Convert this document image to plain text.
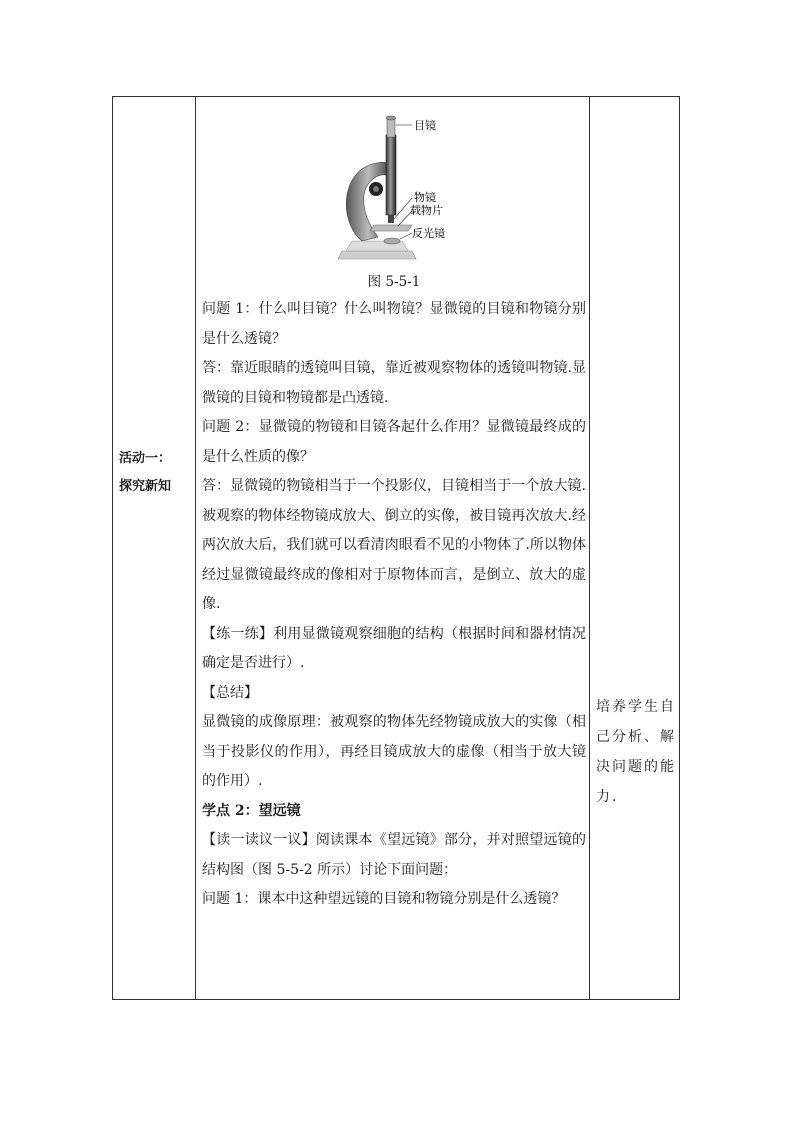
活动一：
探究新知
目镜
物镜
载物片
反光镜
图 5-5-1

问题 1：什么叫目镜？什么叫物镜？显微镜的目镜和物镜分别是什么透镜？

答：靠近眼睛的透镜叫目镜，靠近被观察物体的透镜叫物镜.显微镜的目镜和物镜都是凸透镜.

问题 2：显微镜的物镜和目镜各起什么作用？显微镜最终成的是什么性质的像？

答：显微镜的物镜相当于一个投影仪，目镜相当于一个放大镜.被观察的物体经物镜成放大、倒立的实像，被目镜再次放大.经两次放大后，我们就可以看清肉眼看不见的小物体了.所以物体经过显微镜最终成的像相对于原物体而言，是倒立、放大的虚像.

【练一练】利用显微镜观察细胞的结构（根据时间和器材情况确定是否进行）.

【总结】

显微镜的成像原理：被观察的物体先经物镜成放大的实像（相当于投影仪的作用），再经目镜成放大的虚像（相当于放大镜的作用）.

学点 2：望远镜

【读一读议一议】阅读课本《望远镜》部分，并对照望远镜的结构图（图 5-5-2 所示）讨论下面问题：

问题 1：课本中这种望远镜的目镜和物镜分别是什么透镜？

培养学生自己分析、解决问题的能力.
